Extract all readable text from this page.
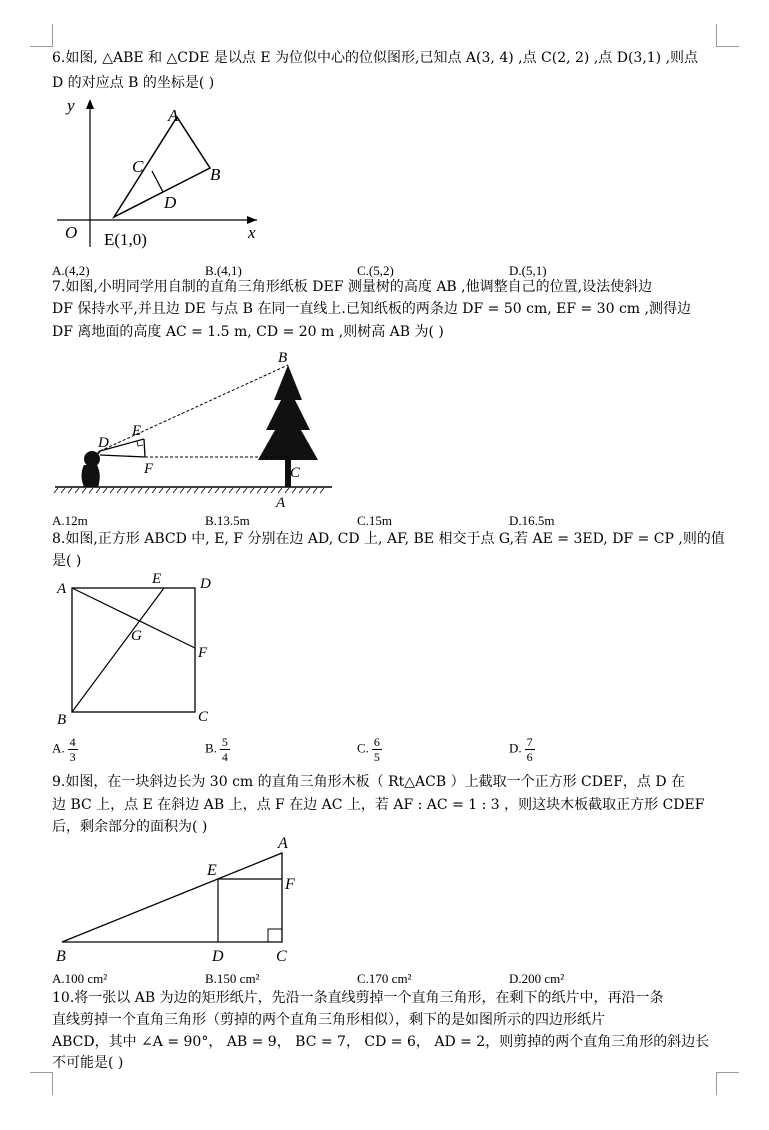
6.如图, △ABE 和 △CDE 是以点 E 为位似中心的位似图形,已知点 A(3, 4) ,点 C(2, 2) ,点 D(3,1) ,则点
D 的对应点 B 的坐标是( )
y
x
O E(1,0)
A
B
C
D
A.(4,2)	B.(4,1)	C.(5,2)	D.(5,1)
7.如图,小明同学用自制的直角三角形纸板 DEF 测量树的高度 AB ,他调整自己的位置,设法使斜边
DF 保持水平,并且边 DE 与点 B 在同一直线上.已知纸板的两条边 DF = 50 cm, EF = 30 cm ,测得边
DF 离地面的高度 AC = 1.5 m, CD = 20 m ,则树高 AB 为( )
B
E
D
F	C
A
A.12m	B.13.5m	C.15m	D.16.5m
8.如图,正方形 ABCD 中, E, F 分别在边 AD, CD 上, AF, BE 相交于点 G,若 AE = 3ED, DF = CP ,则的值
是( )
A
E	D
G
F
B	C
A. $\frac{4}{3}$	B. $\frac{5}{4}$	C. $\frac{6}{5}$	D. $\frac{7}{6}$
9.如图，在一块斜边长为 30 cm 的直角三角形木板（ Rt△ACB ）上截取一个正方形 CDEF，点 D 在
边 BC 上，点 E 在斜边 AB 上，点 F 在边 AC 上，若 AF : AC = 1 : 3 ，则这块木板截取正方形 CDEF
后，剩余部分的面积为( )
A
E
F
B	D	C
A.100 cm²	B.150 cm²	C.170 cm²	D.200 cm²
10.将一张以 AB 为边的矩形纸片，先沿一条直线剪掉一个直角三角形，在剩下的纸片中，再沿一条
直线剪掉一个直角三角形（剪掉的两个直角三角形相似），剩下的是如图所示的四边形纸片
ABCD，其中 ∠A = 90°， AB = 9， BC = 7， CD = 6， AD = 2，则剪掉的两个直角三角形的斜边长
不可能是( )
